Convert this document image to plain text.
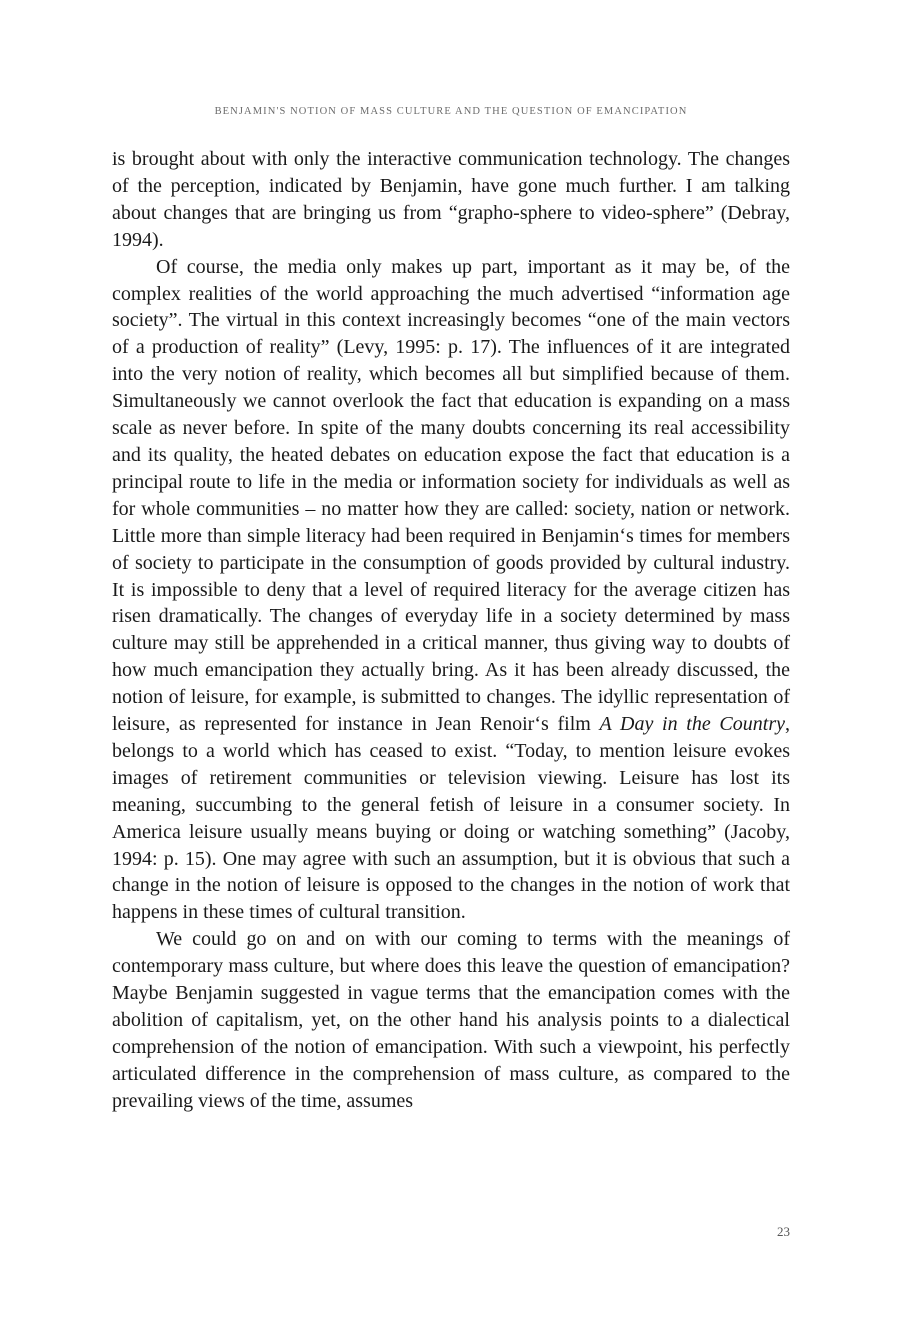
BENJAMIN'S NOTION OF MASS CULTURE AND THE QUESTION OF EMANCIPATION

is brought about with only the interactive communication technology. The changes of the perception, indicated by Benjamin, have gone much further. I am talking about changes that are bringing us from “grapho-sphere to video-sphere” (Debray, 1994).

Of course, the media only makes up part, important as it may be, of the complex realities of the world approaching the much advertised “information age society”. The virtual in this context increasingly becomes “one of the main vectors of a production of reality” (Levy, 1995: p. 17). The influences of it are integrated into the very notion of reality, which becomes all but simplified because of them. Simultaneously we cannot overlook the fact that education is expanding on a mass scale as never before. In spite of the many doubts concerning its real accessibility and its quality, the heated debates on education expose the fact that education is a principal route to life in the media or information society for individuals as well as for whole communities – no matter how they are called: society, nation or network. Little more than simple literacy had been required in Benjamin‘s times for members of society to participate in the consumption of goods provided by cultural industry. It is impossible to deny that a level of required literacy for the average citizen has risen dramatically. The changes of everyday life in a society determined by mass culture may still be apprehended in a critical manner, thus giving way to doubts of how much emancipation they actually bring. As it has been already discussed, the notion of leisure, for example, is submitted to changes. The idyllic representation of leisure, as represented for instance in Jean Renoir‘s film A Day in the Country, belongs to a world which has ceased to exist. “Today, to mention leisure evokes images of retirement communities or television viewing. Leisure has lost its meaning, succumbing to the general fetish of leisure in a consumer society. In America leisure usually means buying or doing or watching something” (Jacoby, 1994: p. 15). One may agree with such an assumption, but it is obvious that such a change in the notion of leisure is opposed to the changes in the notion of work that happens in these times of cultural transition.

We could go on and on with our coming to terms with the meanings of contemporary mass culture, but where does this leave the question of emancipation? Maybe Benjamin suggested in vague terms that the emancipation comes with the abolition of capitalism, yet, on the other hand his analysis points to a dialectical comprehension of the notion of emancipation. With such a viewpoint, his perfectly articulated difference in the comprehension of mass culture, as compared to the prevailing views of the time, assumes

23
